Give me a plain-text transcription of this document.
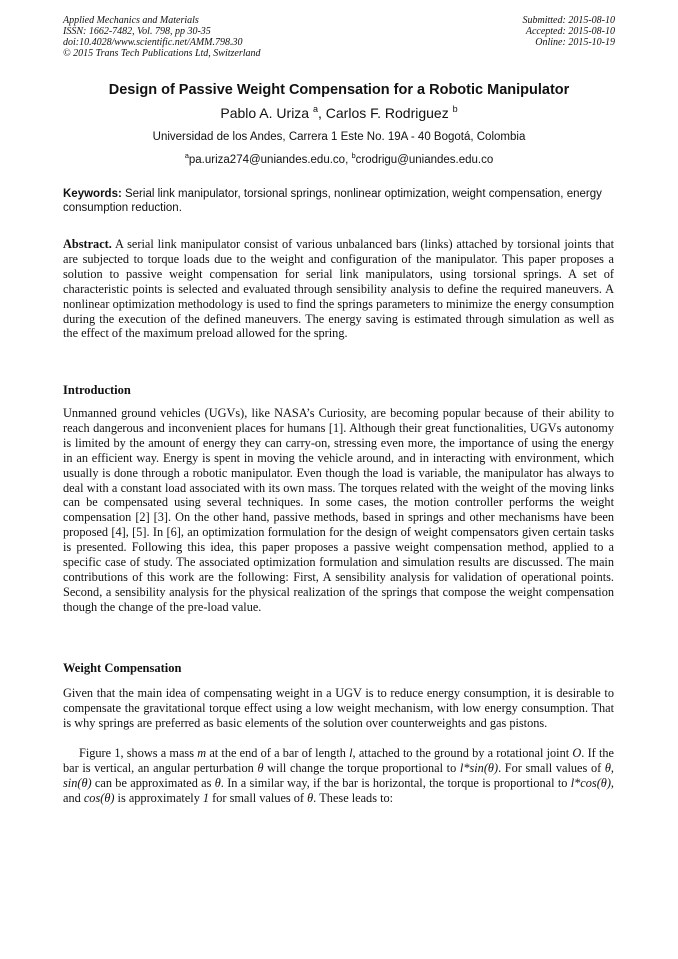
Applied Mechanics and Materials
ISSN: 1662-7482, Vol. 798, pp 30-35
doi:10.4028/www.scientific.net/AMM.798.30
© 2015 Trans Tech Publications Ltd, Switzerland
Submitted: 2015-08-10
Accepted: 2015-08-10
Online: 2015-10-19
Design of Passive Weight Compensation for a Robotic Manipulator
Pablo A. Uriza $^a$, Carlos F. Rodriguez $^b$
Universidad de los Andes, Carrera 1 Este No. 19A - 40 Bogotá, Colombia
$^a$pa.uriza274@uniandes.edu.co, $^b$crodrigu@uniandes.edu.co
Keywords: Serial link manipulator, torsional springs, nonlinear optimization, weight compensation, energy consumption reduction.

Abstract. A serial link manipulator consist of various unbalanced bars (links) attached by torsional joints that are subjected to torque loads due to the weight and configuration of the manipulator. This paper proposes a solution to passive weight compensation for serial link manipulators, using torsional springs. A set of characteristic points is selected and evaluated through sensibility analysis to define the required maneuvers. A nonlinear optimization methodology is used to find the springs parameters to minimize the energy consumption during the execution of the defined maneuvers. The energy saving is estimated through simulation as well as the effect of the maximum preload allowed for the spring.

Introduction

Unmanned ground vehicles (UGVs), like NASA’s Curiosity, are becoming popular because of their ability to reach dangerous and inconvenient places for humans [1]. Although their great functionalities, UGVs autonomy is limited by the amount of energy they can carry-on, stressing even more, the importance of using the energy in an efficient way. Energy is spent in moving the vehicle around, and in interacting with environment, which usually is done through a robotic manipulator. Even though the load is variable, the manipulator has always to deal with a constant load associated with its own mass. The torques related with the weight of the moving links can be compensated using several techniques. In some cases, the motion controller performs the weight compensation [2] [3]. On the other hand, passive methods, based in springs and other mechanisms have been proposed [4], [5]. In [6], an optimization formulation for the design of weight compensators given certain tasks is presented. Following this idea, this paper proposes a passive weight compensation method, applied to a specific case of study. The associated optimization formulation and simulation results are discussed. The main contributions of this work are the following: First, A sensibility analysis for validation of operational points. Second, a sensibility analysis for the physical realization of the springs that compose the weight compensation though the change of the pre-load value.

Weight Compensation

Given that the main idea of compensating weight in a UGV is to reduce energy consumption, it is desirable to compensate the gravitational torque effect using a low weight mechanism, with low energy consumption. That is why springs are preferred as basic elements of the solution over counterweights and gas pistons.

Figure 1, shows a mass m at the end of a bar of length l, attached to the ground by a rotational joint O. If the bar is vertical, an angular perturbation θ will change the torque proportional to l*sin(θ). For small values of θ, sin(θ) can be approximated as θ. In a similar way, if the bar is horizontal, the torque is proportional to l*cos(θ), and cos(θ) is approximately 1 for small values of θ. These leads to:
